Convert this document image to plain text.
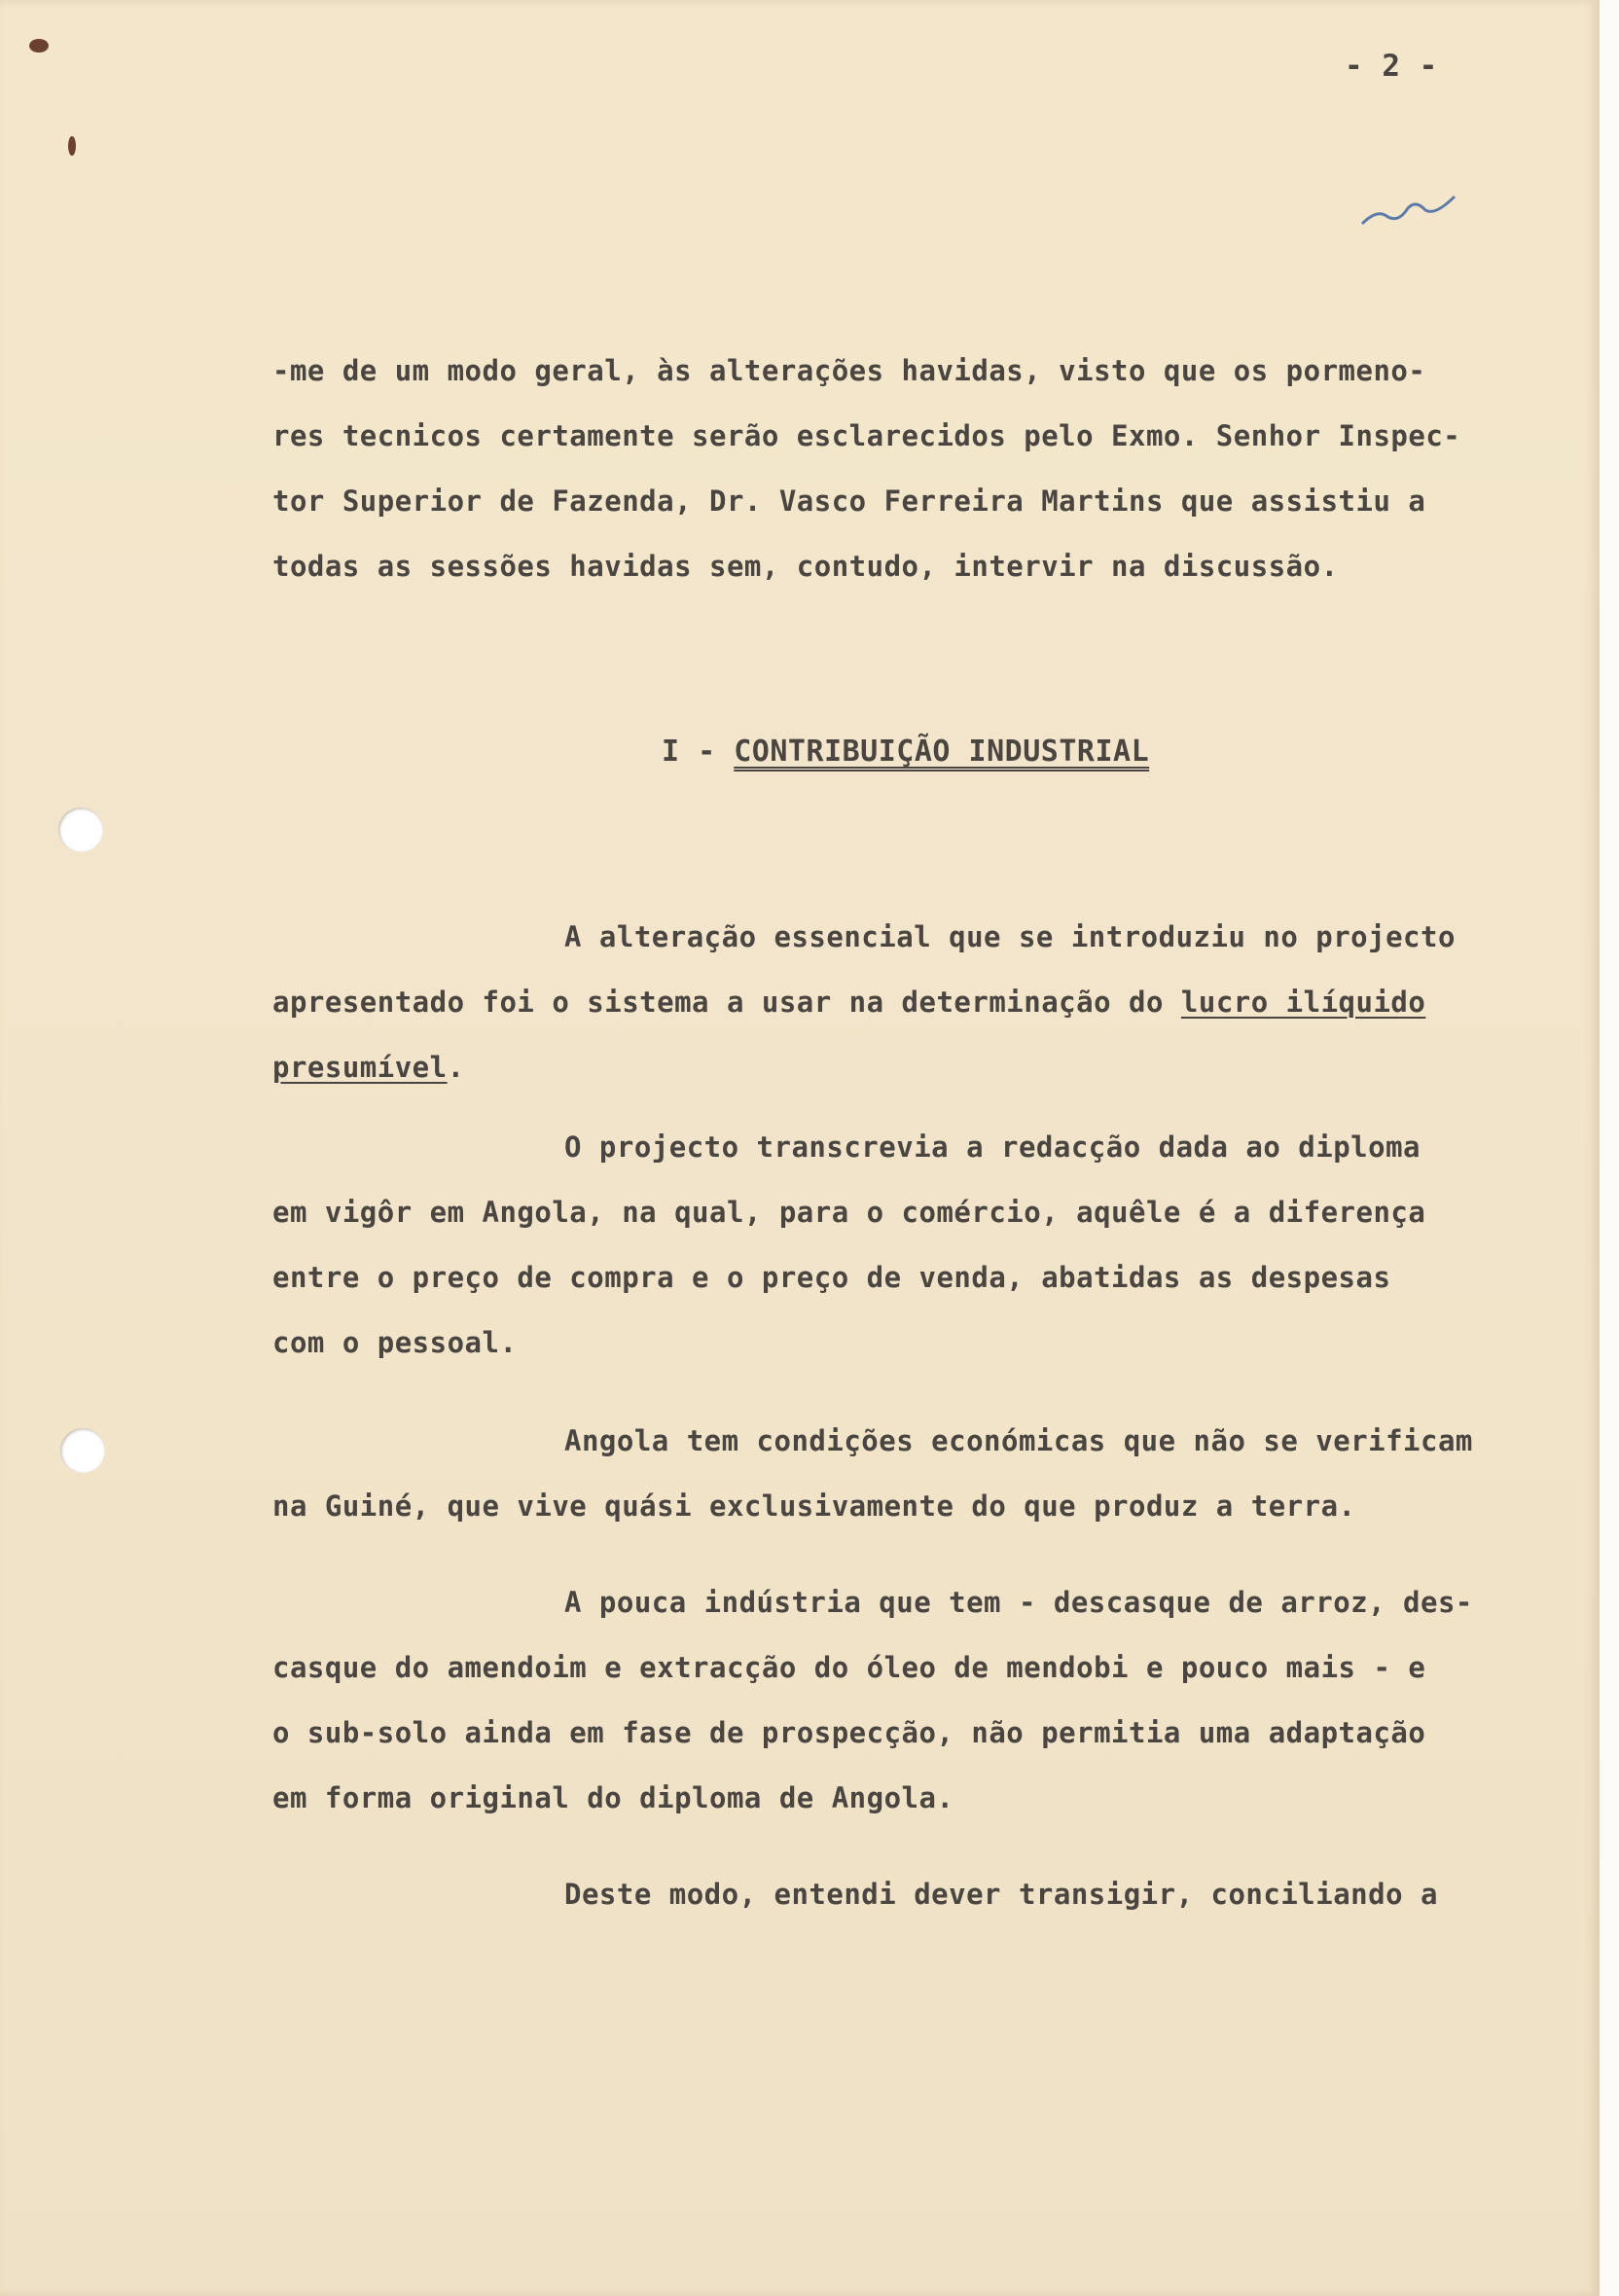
- 2 -
-me de um modo geral, às alterações havidas, visto que os pormeno-
res tecnicos certamente serão esclarecidos pelo Exmo. Senhor Inspec-
tor Superior de Fazenda, Dr. Vasco Ferreira Martins que assistiu a
todas as sessões havidas sem, contudo, intervir na discussão.
I - CONTRIBUIÇÃO INDUSTRIAL
A alteração essencial que se introduziu no projecto
apresentado foi o sistema a usar na determinação do lucro ilíquido
presumível.
O projecto transcrevia a redacção dada ao diploma
em vigôr em Angola, na qual, para o comércio, aquêle é a diferença
entre o preço de compra e o preço de venda, abatidas as despesas
com o pessoal.
Angola tem condições económicas que não se verificam
na Guiné, que vive quási exclusivamente do que produz a terra.
A pouca indústria que tem - descasque de arroz, des-
casque do amendoim e extracção do óleo de mendobi e pouco mais - e
o sub-solo ainda em fase de prospecção, não permitia uma adaptação
em forma original do diploma de Angola.
Deste modo, entendi dever transigir, conciliando a
